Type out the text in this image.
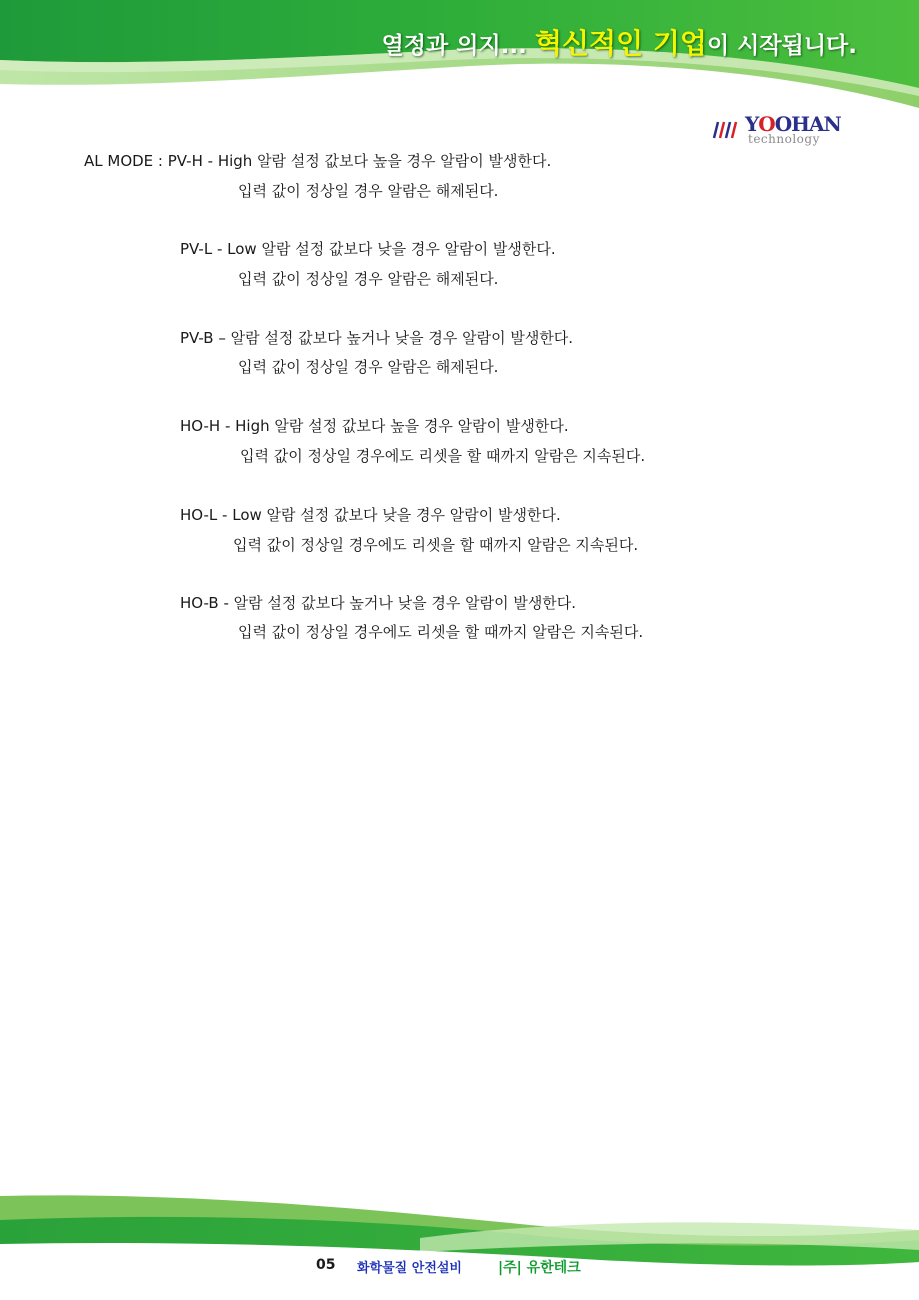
열정과 의지... 혁신적인 기업이 시작됩니다.
YOOHAN
technology
AL MODE : PV-H - High 알람 설정 값보다 높을 경우 알람이 발생한다.
입력 값이 정상일 경우 알람은 해제된다.
PV-L - Low 알람 설정 값보다 낮을 경우 알람이 발생한다.
입력 값이 정상일 경우 알람은 해제된다.
PV-B – 알람 설정 값보다 높거나 낮을 경우 알람이 발생한다.
입력 값이 정상일 경우 알람은 해제된다.
HO-H - High 알람 설정 값보다 높을 경우 알람이 발생한다.
입력 값이 정상일 경우에도 리셋을 할 때까지 알람은 지속된다.
HO-L - Low 알람 설정 값보다 낮을 경우 알람이 발생한다.
입력 값이 정상일 경우에도 리셋을 할 때까지 알람은 지속된다.
HO-B - 알람 설정 값보다 높거나 낮을 경우 알람이 발생한다.
입력 값이 정상일 경우에도 리셋을 할 때까지 알람은 지속된다.
05 화학물질 안전설비	|주| 유한테크
